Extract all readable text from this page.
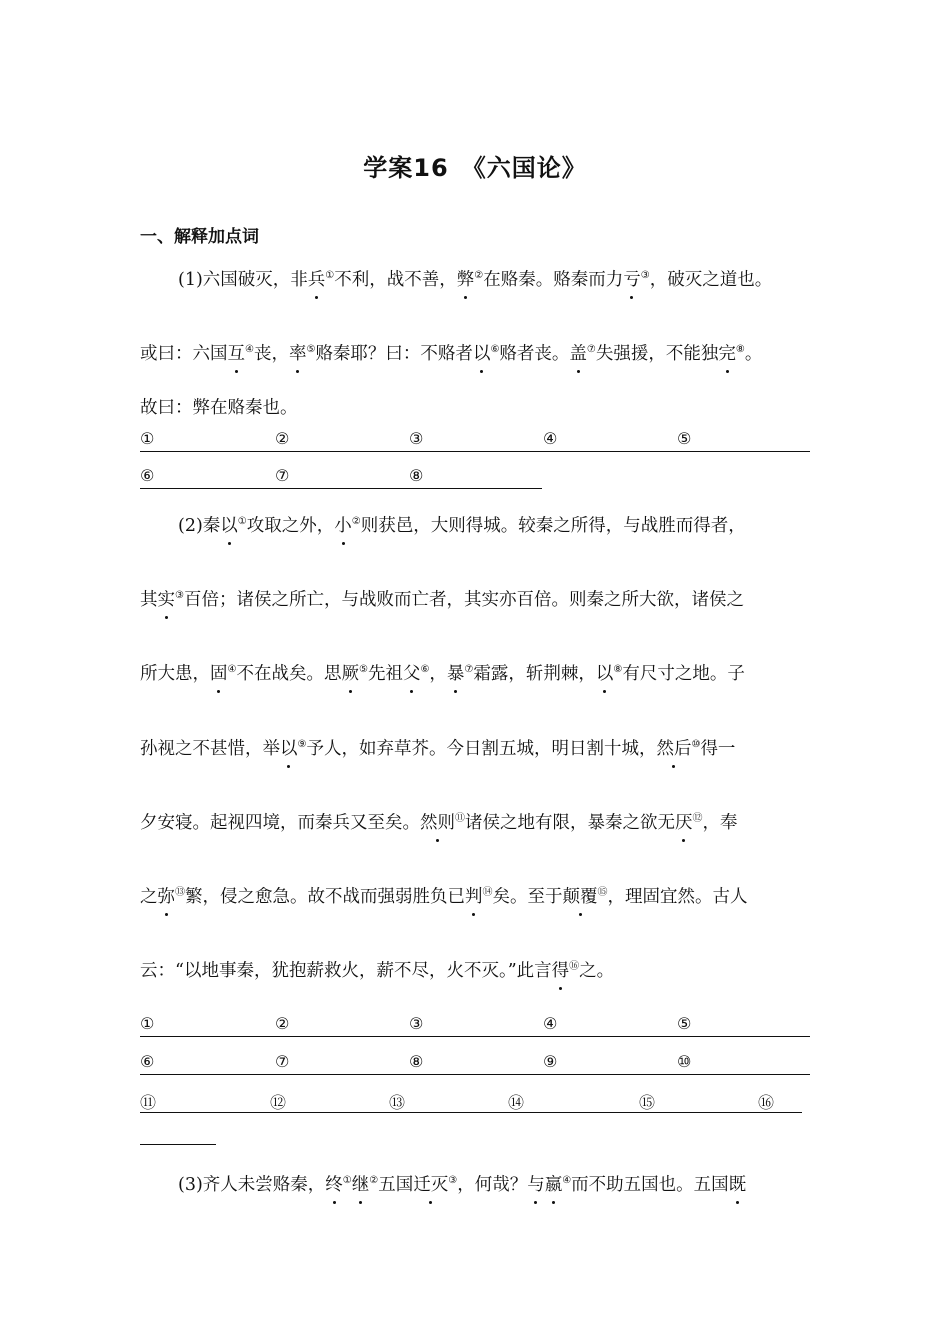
学案16　《六国论》
一、解释加点词
(1)六国破灭，非兵①不利，战不善，弊②在赂秦。赂秦而力亏③，破灭之道也。
或曰：六国互④丧，率⑤赂秦耶？曰：不赂者以⑥赂者丧。盖⑦失强援，不能独完⑧。
故曰：弊在赂秦也。
①	②	③	④	⑤
⑥	⑦	⑧
(2)秦以①攻取之外，小②则获邑，大则得城。较秦之所得，与战胜而得者，
其实③百倍；诸侯之所亡，与战败而亡者，其实亦百倍。则秦之所大欲，诸侯之
所大患，固④不在战矣。思厥⑤先祖父⑥，暴⑦霜露，斩荆棘，以⑧有尺寸之地。子
孙视之不甚惜，举以⑨予人，如弃草芥。今日割五城，明日割十城，然后⑩得一
夕安寝。起视四境，而秦兵又至矣。然则⑪诸侯之地有限，暴秦之欲无厌⑫，奉
之弥⑬繁，侵之愈急。故不战而强弱胜负已判⑭矣。至于颠覆⑮，理固宜然。古人
云：“以地事秦，犹抱薪救火，薪不尽，火不灭。”此言得⑯之。
①	②	③	④	⑤
⑥	⑦	⑧	⑨	⑩
⑪	⑫	⑬	⑭	⑮	⑯
(3)齐人未尝赂秦，终①继②五国迁灭③，何哉？与嬴④而不助五国也。五国既
